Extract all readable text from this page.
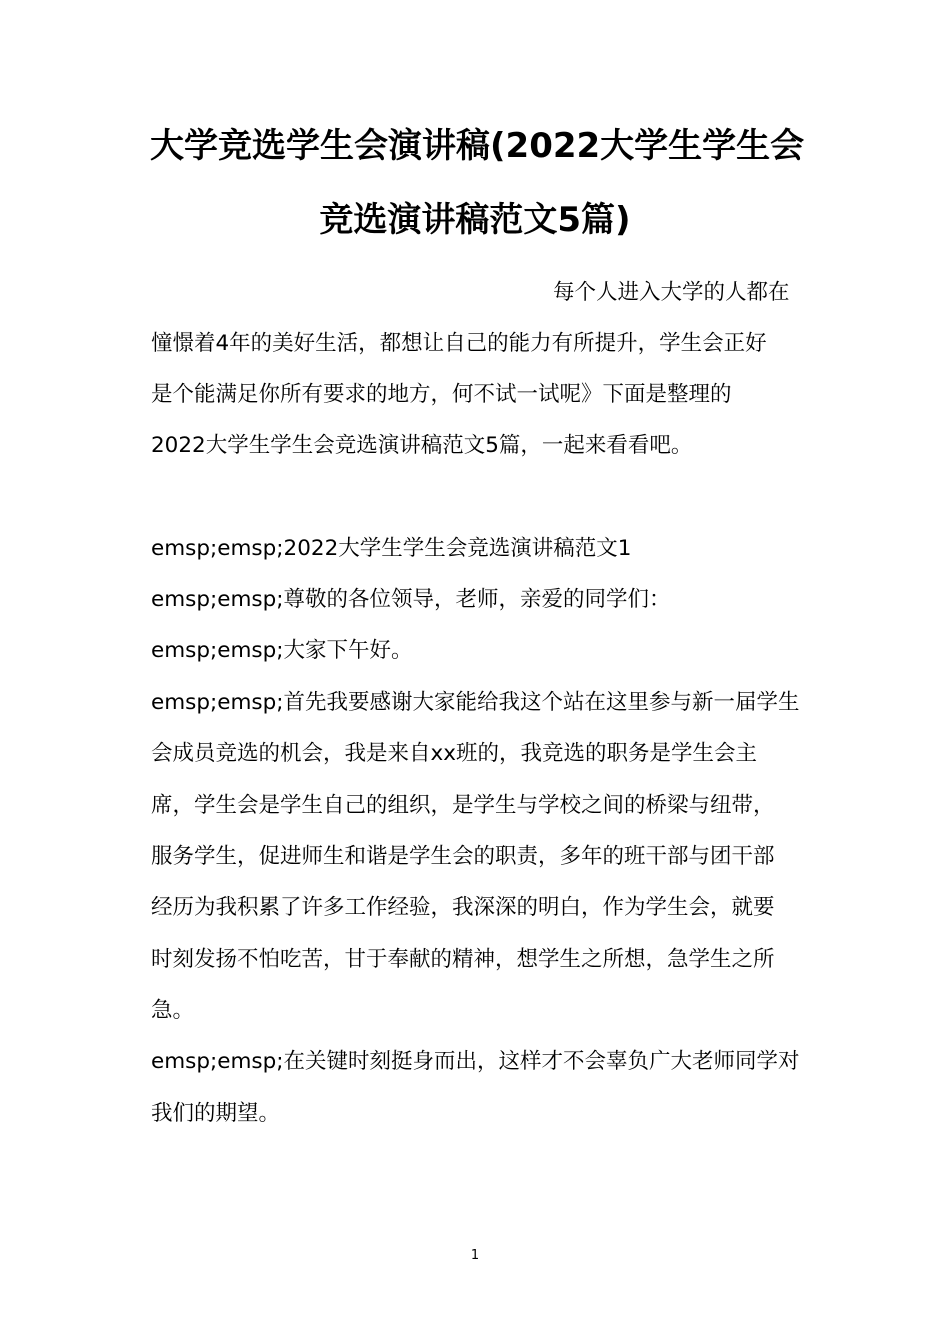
大学竞选学生会演讲稿(2022大学生学生会
竞选演讲稿范文5篇)
每个人进入大学的人都在
憧憬着4年的美好生活，都想让自己的能力有所提升，学生会正好
是个能满足你所有要求的地方，何不试一试呢》下面是整理的
2022大学生学生会竞选演讲稿范文5篇，一起来看看吧。
emsp;emsp;2022大学生学生会竞选演讲稿范文1
emsp;emsp;尊敬的各位领导，老师，亲爱的同学们：
emsp;emsp;大家下午好。
emsp;emsp;首先我要感谢大家能给我这个站在这里参与新一届学生
会成员竞选的机会，我是来自xx班的，我竞选的职务是学生会主
席，学生会是学生自己的组织，是学生与学校之间的桥梁与纽带，
服务学生，促进师生和谐是学生会的职责，多年的班干部与团干部
经历为我积累了许多工作经验，我深深的明白，作为学生会，就要
时刻发扬不怕吃苦，甘于奉献的精神，想学生之所想，急学生之所
急。
emsp;emsp;在关键时刻挺身而出，这样才不会辜负广大老师同学对
我们的期望。
1
